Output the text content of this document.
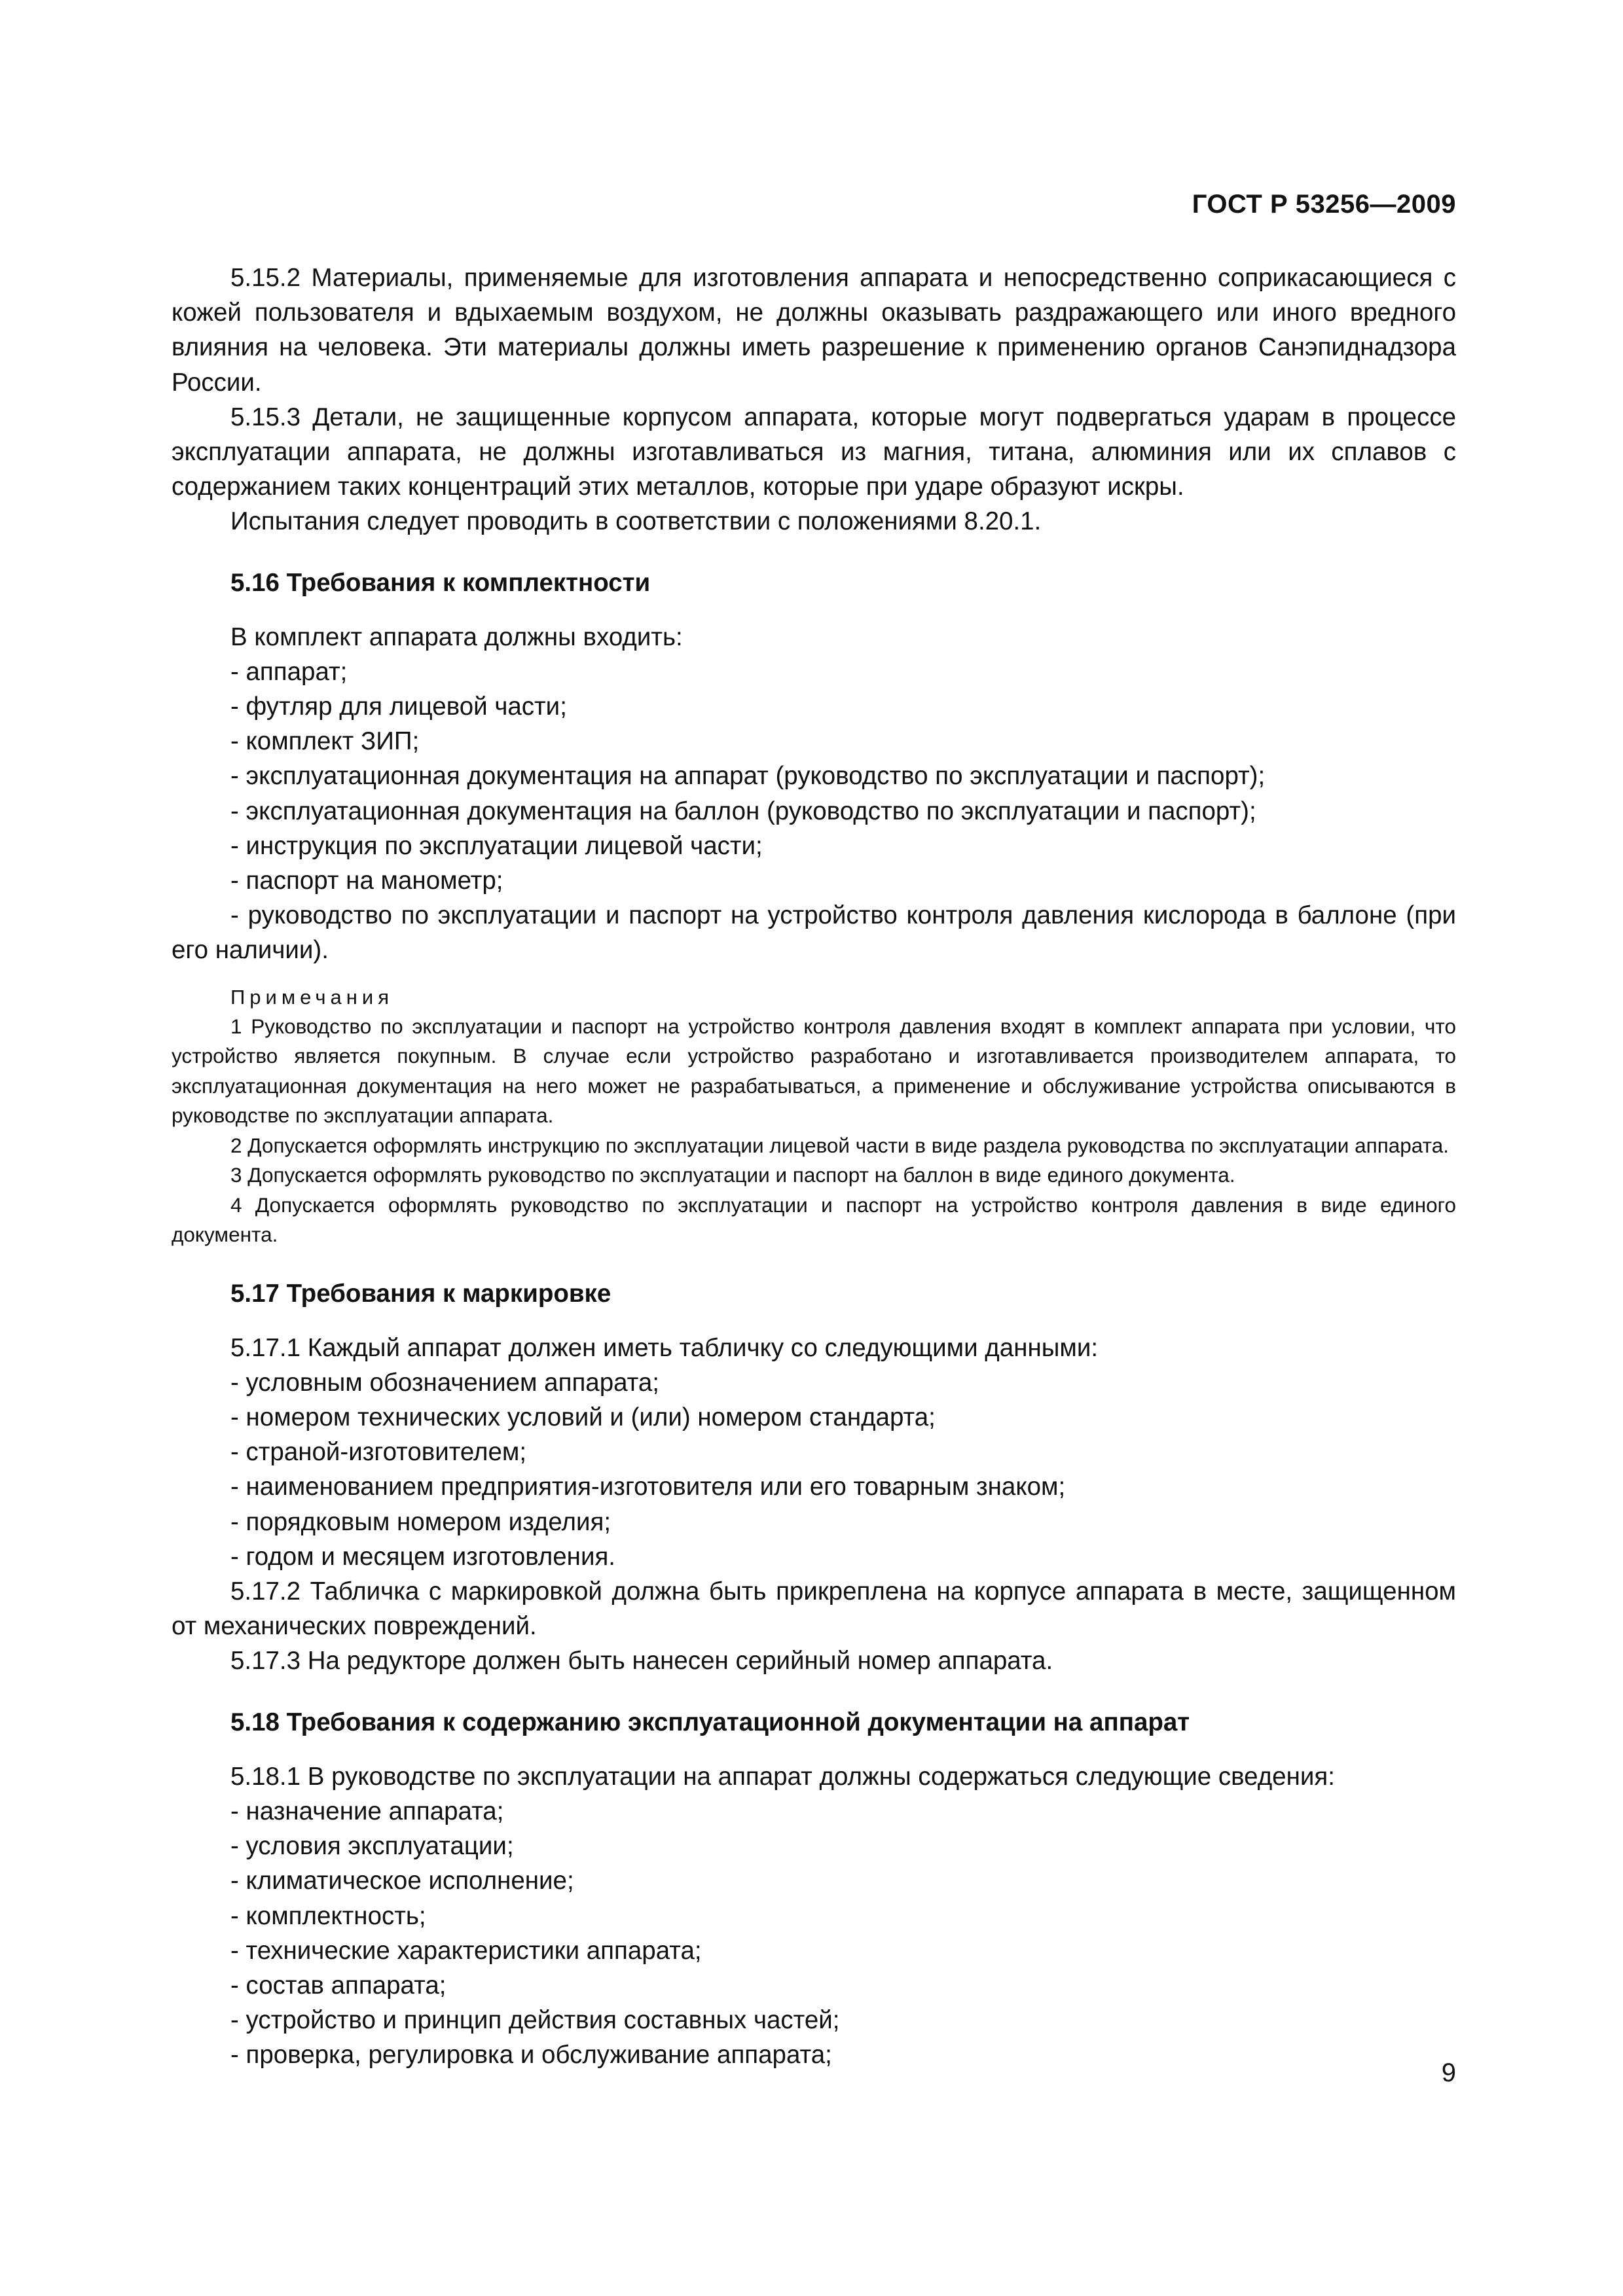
ГОСТ Р 53256—2009

5.15.2 Материалы, применяемые для изготовления аппарата и непосредственно соприкасающиеся с кожей пользователя и вдыхаемым воздухом, не должны оказывать раздражающего или иного вредного влияния на человека. Эти материалы должны иметь разрешение к применению органов Санэпиднадзора России.

5.15.3 Детали, не защищенные корпусом аппарата, которые могут подвергаться ударам в процессе эксплуатации аппарата, не должны изготавливаться из магния, титана, алюминия или их сплавов с содержанием таких концентраций этих металлов, которые при ударе образуют искры.

Испытания следует проводить в соответствии с положениями 8.20.1.

5.16 Требования к комплектности

В комплект аппарата должны входить:

- аппарат;

- футляр для лицевой части;

- комплект ЗИП;

- эксплуатационная документация на аппарат (руководство по эксплуатации и паспорт);

- эксплуатационная документация на баллон (руководство по эксплуатации и паспорт);

- инструкция по эксплуатации лицевой части;

- паспорт на манометр;

- руководство по эксплуатации и паспорт на устройство контроля давления кислорода в баллоне (при его наличии).

Примечания

1 Руководство по эксплуатации и паспорт на устройство контроля давления входят в комплект аппарата при условии, что устройство является покупным. В случае если устройство разработано и изготавливается производителем аппарата, то эксплуатационная документация на него может не разрабатываться, а применение и обслуживание устройства описываются в руководстве по эксплуатации аппарата.

2 Допускается оформлять инструкцию по эксплуатации лицевой части в виде раздела руководства по эксплуатации аппарата.

3 Допускается оформлять руководство по эксплуатации и паспорт на баллон в виде единого документа.

4 Допускается оформлять руководство по эксплуатации и паспорт на устройство контроля давления в виде единого документа.

5.17 Требования к маркировке

5.17.1 Каждый аппарат должен иметь табличку со следующими данными:

- условным обозначением аппарата;

- номером технических условий и (или) номером стандарта;

- страной-изготовителем;

- наименованием предприятия-изготовителя или его товарным знаком;

- порядковым номером изделия;

- годом и месяцем изготовления.

5.17.2 Табличка с маркировкой должна быть прикреплена на корпусе аппарата в месте, защищенном от механических повреждений.

5.17.3 На редукторе должен быть нанесен серийный номер аппарата.

5.18 Требования к содержанию эксплуатационной документации на аппарат

5.18.1 В руководстве по эксплуатации на аппарат должны содержаться следующие сведения:

- назначение аппарата;

- условия эксплуатации;

- климатическое исполнение;

- комплектность;

- технические характеристики аппарата;

- состав аппарата;

- устройство и принцип действия составных частей;

- проверка, регулировка и обслуживание аппарата;

9
